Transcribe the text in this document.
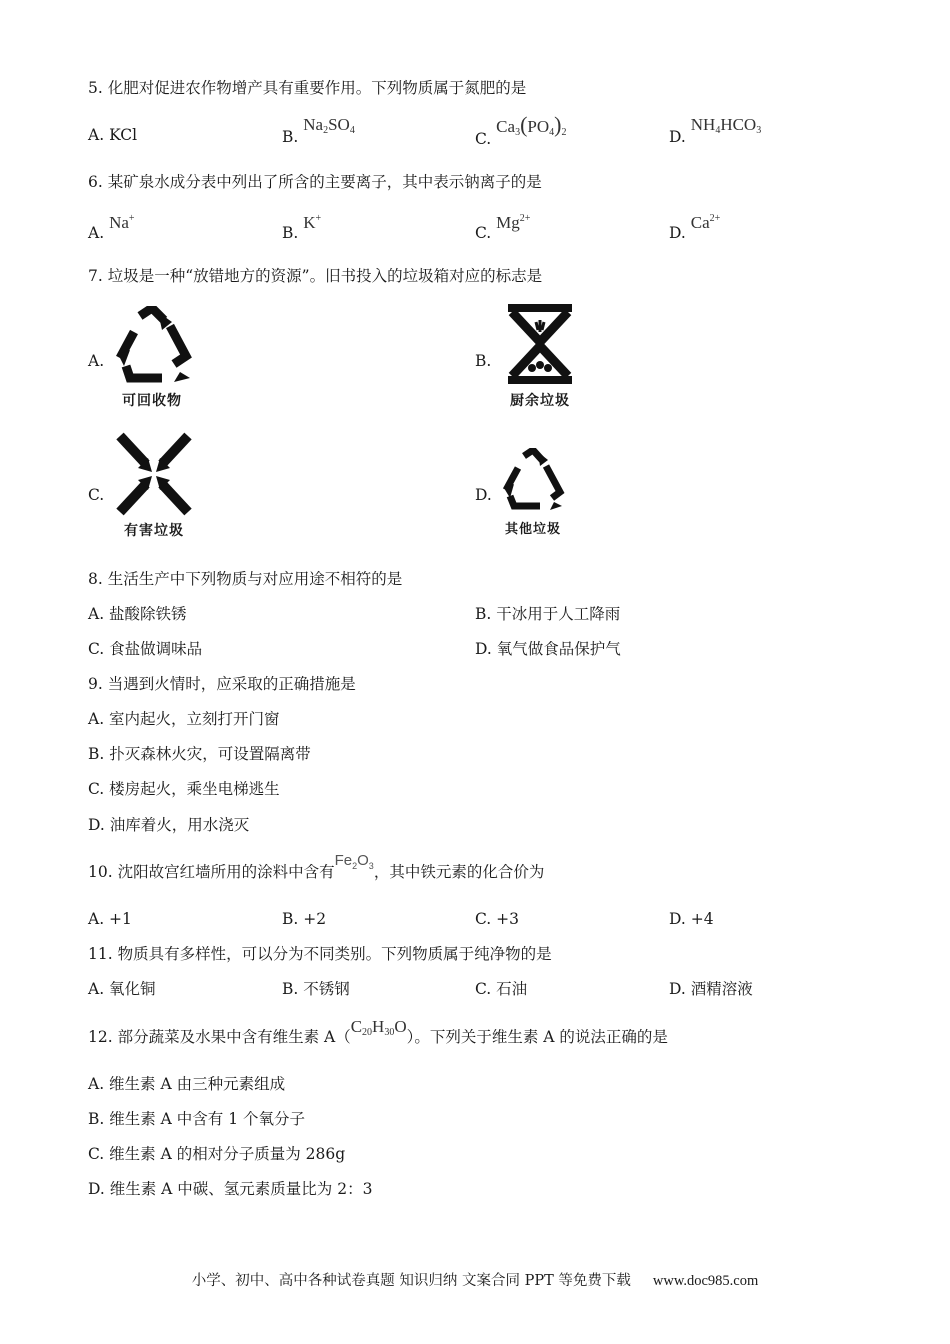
5. 化肥对促进农作物增产具有重要作用。下列物质属于氮肥的是
A. KCl	B. $Na_2SO_4$	C. $Ca_3(PO_4)_2$	D. $NH_4HCO_3$
6. 某矿泉水成分表中列出了所含的主要离子，其中表示钠离子的是
A. Na+
B. K+
C. $Mg^{2+}$
D. $Ca^{2+}$
7. 垃圾是一种“放错地方的资源”。旧书投入的垃圾箱对应的标志是
A.
可回收物
B.
厨余垃圾
C.
有害垃圾
D.
其他垃圾
8. 生活生产中下列物质与对应用途不相符的是
A. 盐酸除铁锈	B. 干冰用于人工降雨
C. 食盐做调味品	D. 氧气做食品保护气
9. 当遇到火情时，应采取的正确措施是
A. 室内起火，立刻打开门窗
B. 扑灭森林火灾，可设置隔离带
C. 楼房起火，乘坐电梯逃生
D. 油库着火，用水浇灭
10. 沈阳故宫红墙所用的涂料中含有$Fe_2O_3$，其中铁元素的化合价为
A. +1	B. +2	C. +3	D. +4
11. 物质具有多样性，可以分为不同类别。下列物质属于纯净物的是
A. 氧化铜	B. 不锈钢	C. 石油	D. 酒精溶液
12. 部分蔬菜及水果中含有维生素 $A(C_{20}H_{30}O)$。下列关于维生素 A 的说法正确的是
A. 维生素 A 由三种元素组成
B. 维生素 A 中含有 1 个氧分子
C. 维生素 A 的相对分子质量为 286g
D. 维生素 A 中碳、氢元素质量比为 2：3
小学、初中、高中各种试卷真题 知识归纳 文案合同 PPT 等免费下载 www.doc985.com
